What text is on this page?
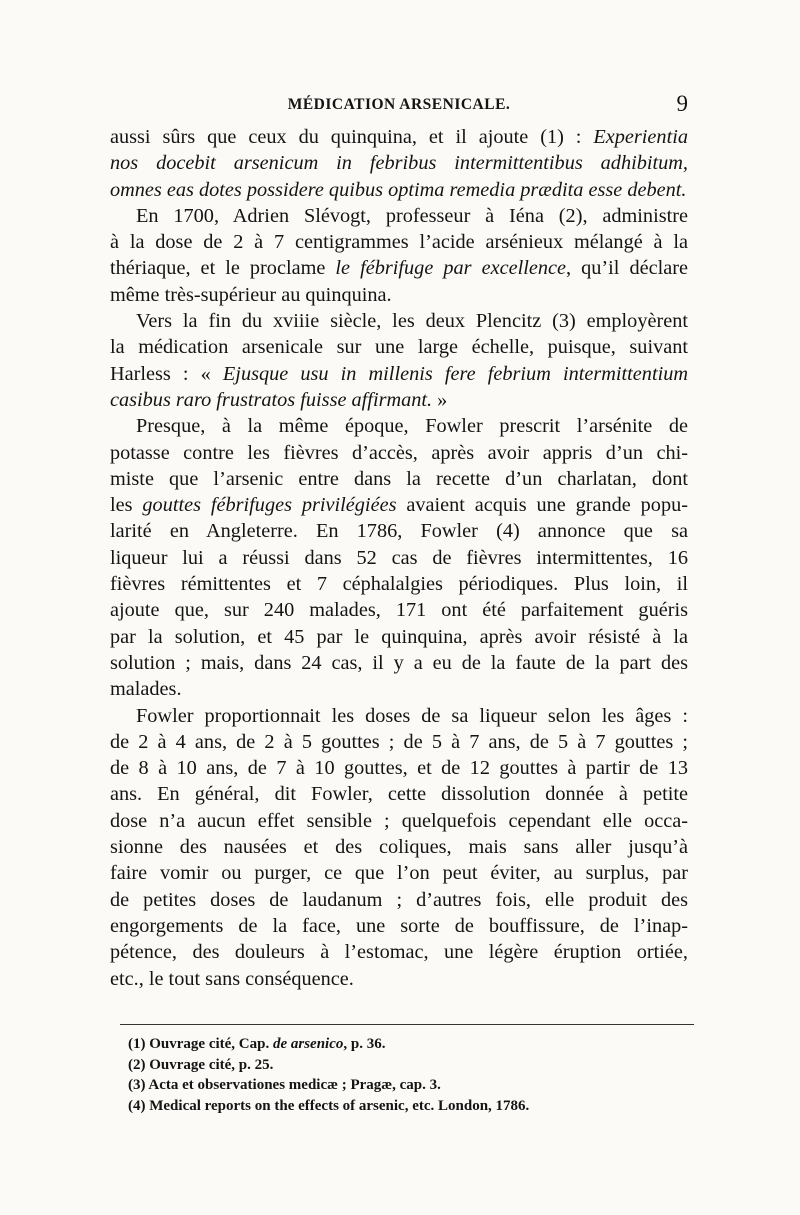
MÉDICATION ARSENICALE.	9
aussi sûrs que ceux du quinquina, et il ajoute (1) : Experientia
nos docebit arsenicum in febribus intermittentibus adhibitum,
omnes eas dotes possidere quibus optima remedia prædita esse debent.
En 1700, Adrien Slévogt, professeur à Iéna (2), administre
à la dose de 2 à 7 centigrammes l’acide arsénieux mélangé à la
thériaque, et le proclame le fébrifuge par excellence, qu’il déclare
même très-supérieur au quinquina.
Vers la fin du xviiie siècle, les deux Plencitz (3) employèrent
la médication arsenicale sur une large échelle, puisque, suivant
Harless : « Ejusque usu in millenis fere febrium intermittentium
casibus raro frustratos fuisse affirmant. »
Presque, à la même époque, Fowler prescrit l’arsénite de
potasse contre les fièvres d’accès, après avoir appris d’un chi-
miste que l’arsenic entre dans la recette d’un charlatan, dont
les gouttes fébrifuges privilégiées avaient acquis une grande popu-
larité en Angleterre. En 1786, Fowler (4) annonce que sa
liqueur lui a réussi dans 52 cas de fièvres intermittentes, 16
fièvres rémittentes et 7 céphalalgies périodiques. Plus loin, il
ajoute que, sur 240 malades, 171 ont été parfaitement guéris
par la solution, et 45 par le quinquina, après avoir résisté à la
solution ; mais, dans 24 cas, il y a eu de la faute de la part des
malades.
Fowler proportionnait les doses de sa liqueur selon les âges :
de 2 à 4 ans, de 2 à 5 gouttes ; de 5 à 7 ans, de 5 à 7 gouttes ;
de 8 à 10 ans, de 7 à 10 gouttes, et de 12 gouttes à partir de 13
ans. En général, dit Fowler, cette dissolution donnée à petite
dose n’a aucun effet sensible ; quelquefois cependant elle occa-
sionne des nausées et des coliques, mais sans aller jusqu’à
faire vomir ou purger, ce que l’on peut éviter, au surplus, par
de petites doses de laudanum ; d’autres fois, elle produit des
engorgements de la face, une sorte de bouffissure, de l’inap-
pétence, des douleurs à l’estomac, une légère éruption ortiée,
etc., le tout sans conséquence.
(1) Ouvrage cité, Cap. de arsenico, p. 36.
(2) Ouvrage cité, p. 25.
(3) Acta et observationes medicæ ; Pragæ, cap. 3.
(4) Medical reports on the effects of arsenic, etc. London, 1786.
